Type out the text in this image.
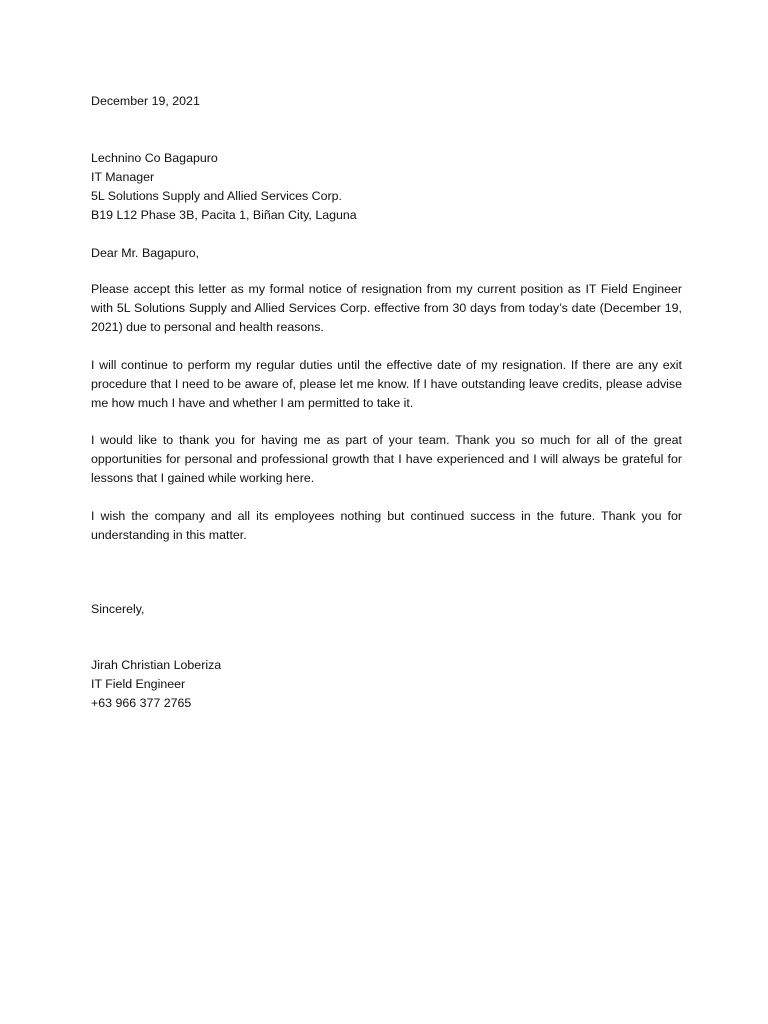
December 19, 2021
Lechnino Co Bagapuro
IT Manager
5L Solutions Supply and Allied Services Corp.
B19 L12 Phase 3B, Pacita 1, Biñan City, Laguna
Dear Mr. Bagapuro,

Please accept this letter as my formal notice of resignation from my current position as IT Field Engineer with 5L Solutions Supply and Allied Services Corp. effective from 30 days from today’s date (December 19, 2021) due to personal and health reasons.

I will continue to perform my regular duties until the effective date of my resignation. If there are any exit procedure that I need to be aware of, please let me know. If I have outstanding leave credits, please advise me how much I have and whether I am permitted to take it.

I would like to thank you for having me as part of your team. Thank you so much for all of the great opportunities for personal and professional growth that I have experienced and I will always be grateful for lessons that I gained while working here.

I wish the company and all its employees nothing but continued success in the future. Thank you for understanding in this matter.

Sincerely,
Jirah Christian Loberiza
IT Field Engineer
+63 966 377 2765
